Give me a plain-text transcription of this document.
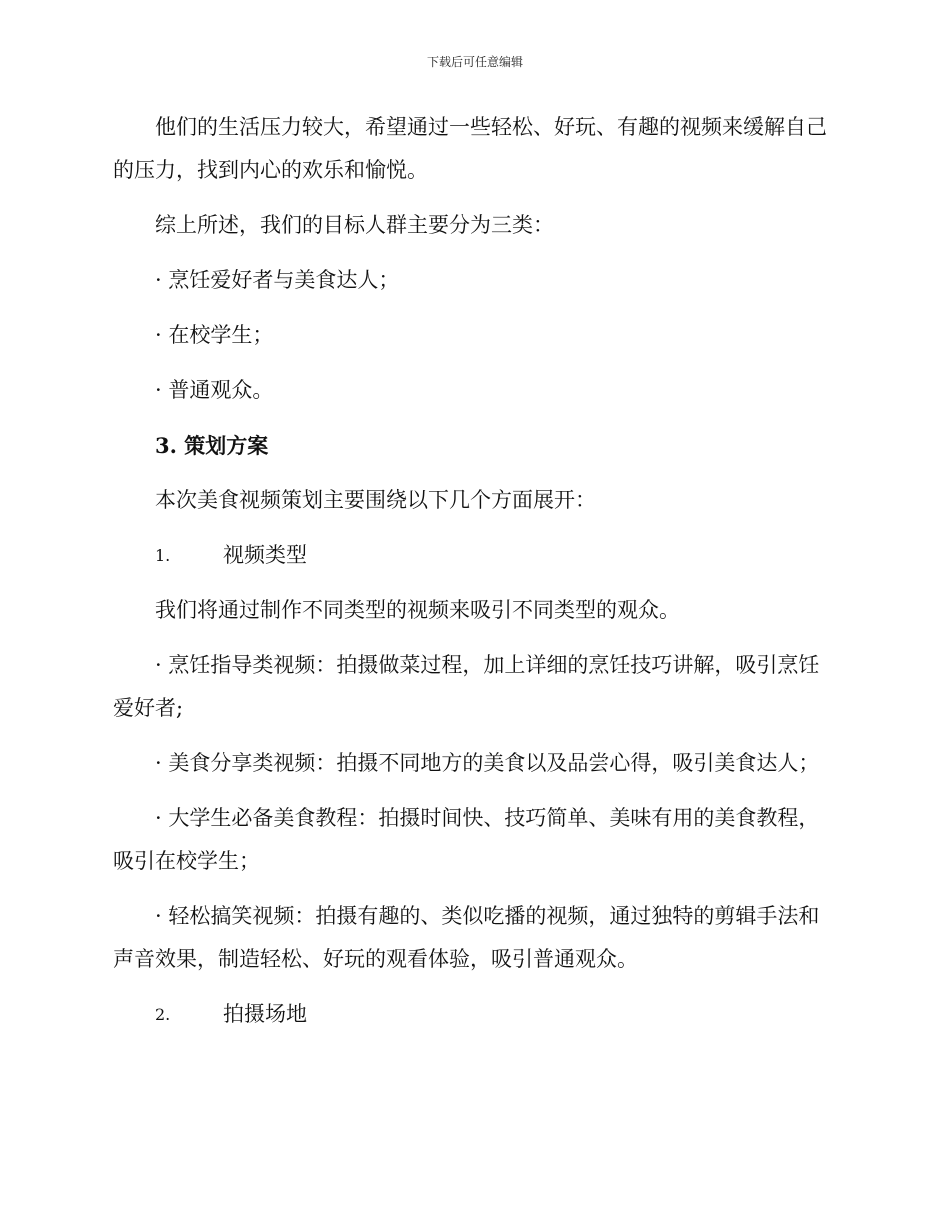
下载后可任意编辑
他们的生活压力较大，希望通过一些轻松、好玩、有趣的视频来缓解自己的压力，找到内心的欢乐和愉悦。
综上所述，我们的目标人群主要分为三类：
· 烹饪爱好者与美食达人；
· 在校学生；
· 普通观众。
3. 策划方案
本次美食视频策划主要围绕以下几个方面展开：
1.	视频类型
我们将通过制作不同类型的视频来吸引不同类型的观众。
· 烹饪指导类视频：拍摄做菜过程，加上详细的烹饪技巧讲解，吸引烹饪爱好者;
· 美食分享类视频：拍摄不同地方的美食以及品尝心得，吸引美食达人；
· 大学生必备美食教程：拍摄时间快、技巧简单、美味有用的美食教程，吸引在校学生；
· 轻松搞笑视频：拍摄有趣的、类似吃播的视频，通过独特的剪辑手法和声音效果，制造轻松、好玩的观看体验，吸引普通观众。
2.	拍摄场地
